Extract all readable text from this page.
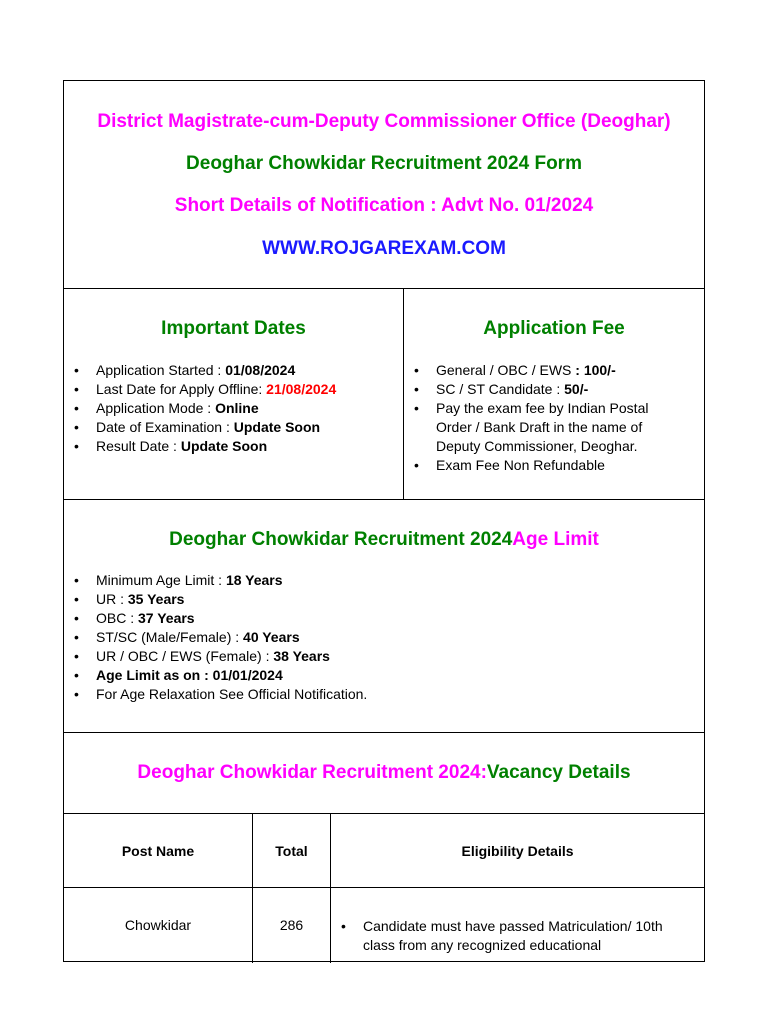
District Magistrate-cum-Deputy Commissioner Office (Deoghar)
Deoghar Chowkidar Recruitment 2024 Form
Short Details of Notification : Advt No. 01/2024
WWW.ROJGAREXAM.COM
Important Dates
• Application Started : 01/08/2024
• Last Date for Apply Offline: 21/08/2024
• Application Mode : Online
• Date of Examination : Update Soon
• Result Date : Update Soon
Application Fee
• General / OBC / EWS : 100/-
• SC / ST Candidate : 50/-
• Pay the exam fee by Indian Postal Order / Bank Draft in the name of Deputy Commissioner, Deoghar.
• Exam Fee Non Refundable
Deoghar Chowkidar Recruitment 2024Age Limit
• Minimum Age Limit : 18 Years
• UR : 35 Years
• OBC : 37 Years
• ST/SC (Male/Female) : 40 Years
• UR / OBC / EWS (Female) : 38 Years
• Age Limit as on : 01/01/2024
• For Age Relaxation See Official Notification.
Deoghar Chowkidar Recruitment 2024:Vacancy Details
Post Name	Total	Eligibility Details
Chowkidar	286
•	Candidate must have passed Matriculation/ 10th class from any recognized educational
